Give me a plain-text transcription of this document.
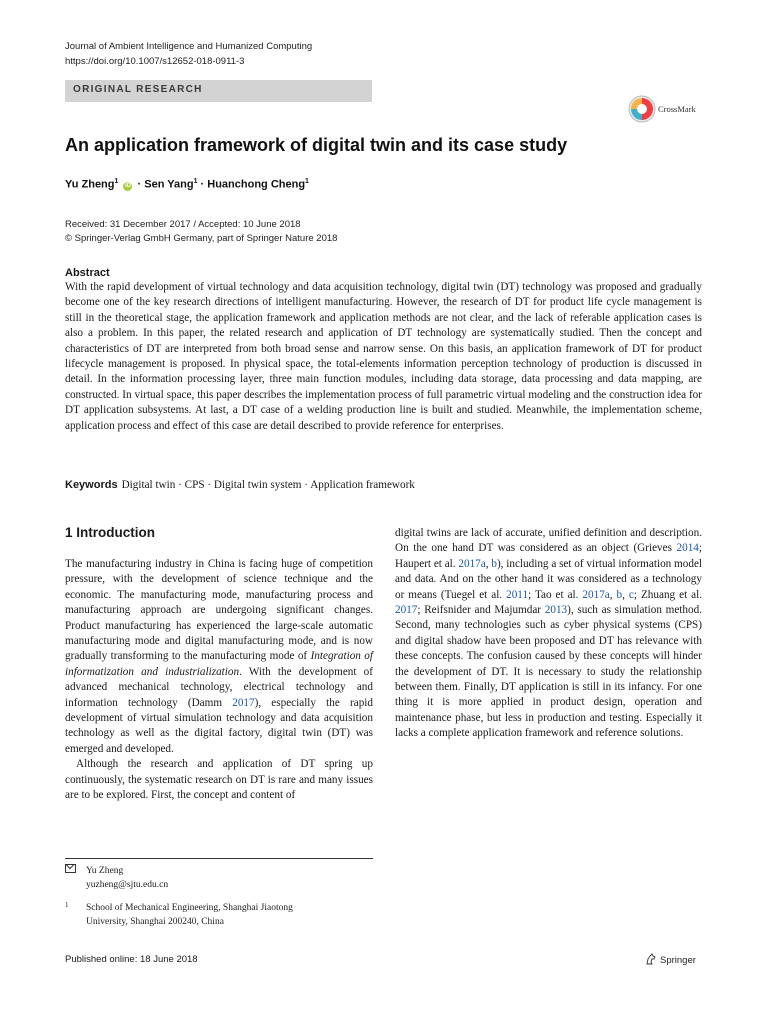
Journal of Ambient Intelligence and Humanized Computing
https://doi.org/10.1007/s12652-018-0911-3
ORIGINAL RESEARCH
CrossMark
An application framework of digital twin and its case study
Yu Zheng$^1$ iD · Sen Yang$^1$ · Huanchong Cheng$^1$
Received: 31 December 2017 / Accepted: 10 June 2018
© Springer-Verlag GmbH Germany, part of Springer Nature 2018
Abstract
With the rapid development of virtual technology and data acquisition technology, digital twin (DT) technology was proposed and gradually become one of the key research directions of intelligent manufacturing. However, the research of DT for product life cycle management is still in the theoretical stage, the application framework and application methods are not clear, and the lack of referable application cases is also a problem. In this paper, the related research and application of DT technology are systematically studied. Then the concept and characteristics of DT are interpreted from both broad sense and narrow sense. On this basis, an application framework of DT for product lifecycle management is proposed. In physical space, the total-elements information perception technology of production is discussed in detail. In the information processing layer, three main function modules, including data storage, data processing and data mapping, are constructed. In virtual space, this paper describes the implementation process of full parametric virtual modeling and the construction idea for DT application subsystems. At last, a DT case of a welding production line is built and studied. Meanwhile, the implementation scheme, application process and effect of this case are detail described to provide reference for enterprises.
Keywords Digital twin · CPS · Digital twin system · Application framework
1 Introduction

The manufacturing industry in China is facing huge of competition pressure, with the development of science technique and the economic. The manufacturing mode, manufacturing process and manufacturing approach are undergoing significant changes. Product manufacturing has experienced the large-scale automatic manufacturing mode and digital manufacturing mode, and is now gradually transforming to the manufacturing mode of Integration of informatization and industrialization. With the development of advanced mechanical technology, electrical technology and information technology (Damm 2017), especially the rapid development of virtual simulation technology and data acquisition technology as well as the digital factory, digital twin (DT) was emerged and developed.

Although the research and application of DT spring up continuously, the systematic research on DT is rare and many issues are to be explored. First, the concept and content of

digital twins are lack of accurate, unified definition and description. On the one hand DT was considered as an object (Grieves 2014; Haupert et al. 2017a, b), including a set of virtual information model and data. And on the other hand it was considered as a technology or means (Tuegel et al. 2011; Tao et al. 2017a, b, c; Zhuang et al. 2017; Reifsnider and Majumdar 2013), such as simulation method. Second, many technologies such as cyber physical systems (CPS) and digital shadow have been proposed and DT has relevance with these concepts. The confusion caused by these concepts will hinder the development of DT. It is necessary to study the relationship between them. Finally, DT application is still in its infancy. For one thing it is more applied in product design, operation and maintenance phase, but less in production and testing. Especially it lacks a complete application framework and reference solutions.

Yu Zheng
yuzheng@sjtu.edu.cn
1	School of Mechanical Engineering, Shanghai Jiaotong
University, Shanghai 200240, China
Published online: 18 June 2018	Springer
